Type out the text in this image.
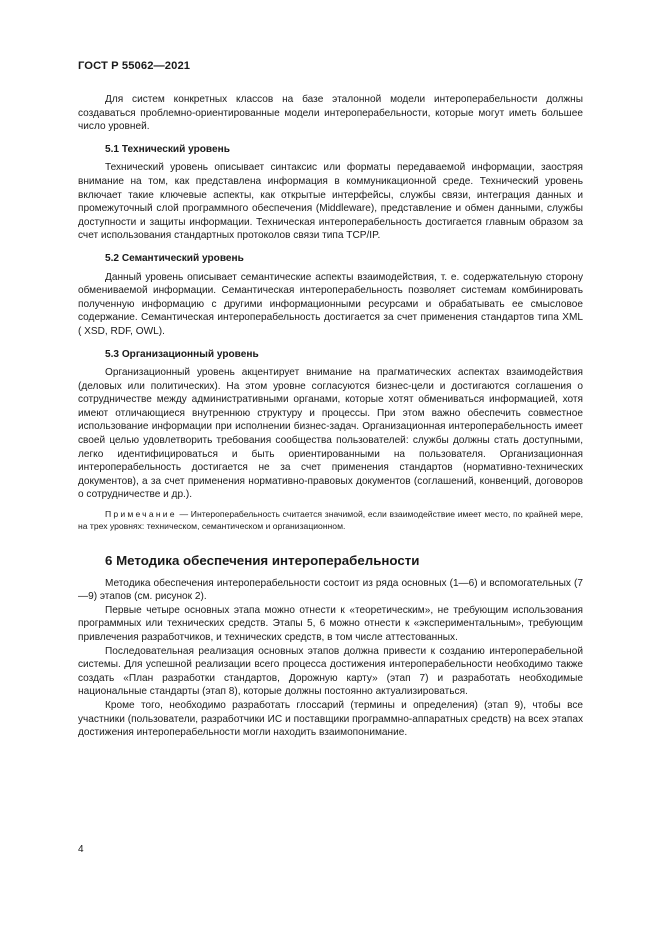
ГОСТ Р 55062—2021

Для систем конкретных классов на базе эталонной модели интероперабельности должны создаваться проблемно-ориентированные модели интероперабельности, которые могут иметь большее число уровней.

5.1 Технический уровень

Технический уровень описывает синтаксис или форматы передаваемой информации, заостряя внимание на том, как представлена информация в коммуникационной среде. Технический уровень включает такие ключевые аспекты, как открытые интерфейсы, службы связи, интеграция данных и промежуточный слой программного обеспечения (Middleware), представление и обмен данными, службы доступности и защиты информации. Техническая интероперабельность достигается главным образом за счет использования стандартных протоколов связи типа TCP/IP.

5.2 Семантический уровень

Данный уровень описывает семантические аспекты взаимодействия, т. е. содержательную сторону обмениваемой информации. Семантическая интероперабельность позволяет системам комбинировать полученную информацию с другими информационными ресурсами и обрабатывать ее смысловое содержание. Семантическая интероперабельность достигается за счет применения стандартов типа XML ( XSD, RDF, OWL).

5.3 Организационный уровень

Организационный уровень акцентирует внимание на прагматических аспектах взаимодействия (деловых или политических). На этом уровне согласуются бизнес-цели и достигаются соглашения о сотрудничестве между административными органами, которые хотят обмениваться информацией, хотя имеют отличающиеся внутреннюю структуру и процессы. При этом важно обеспечить совместное использование информации при исполнении бизнес-задач. Организационная интероперабельность имеет своей целью удовлетворить требования сообщества пользователей: службы должны стать доступными, легко идентифицироваться и быть ориентированными на пользователя. Организационная интероперабельность достигается не за счет применения стандартов (нормативно-технических документов), а за счет применения нормативно-правовых документов (соглашений, конвенций, договоров о сотрудничестве и др.).

Примечание — Интероперабельность считается значимой, если взаимодействие имеет место, по крайней мере, на трех уровнях: техническом, семантическом и организационном.
6 Методика обеспечения интероперабельности

Методика обеспечения интероперабельности состоит из ряда основных (1—6) и вспомогательных (7—9) этапов (см. рисунок 2).

Первые четыре основных этапа можно отнести к «теоретическим», не требующим использования программных или технических средств. Этапы 5, 6 можно отнести к «экспериментальным», требующим привлечения разработчиков, и технических средств, в том числе аттестованных.

Последовательная реализация основных этапов должна привести к созданию интероперабельной системы. Для успешной реализации всего процесса достижения интероперабельности необходимо также создать «План разработки стандартов, Дорожную карту» (этап 7) и разработать необходимые национальные стандарты (этап 8), которые должны постоянно актуализироваться.

Кроме того, необходимо разработать глоссарий (термины и определения) (этап 9), чтобы все участники (пользователи, разработчики ИС и поставщики программно-аппаратных средств) на всех этапах достижения интероперабельности могли находить взаимопонимание.

4
